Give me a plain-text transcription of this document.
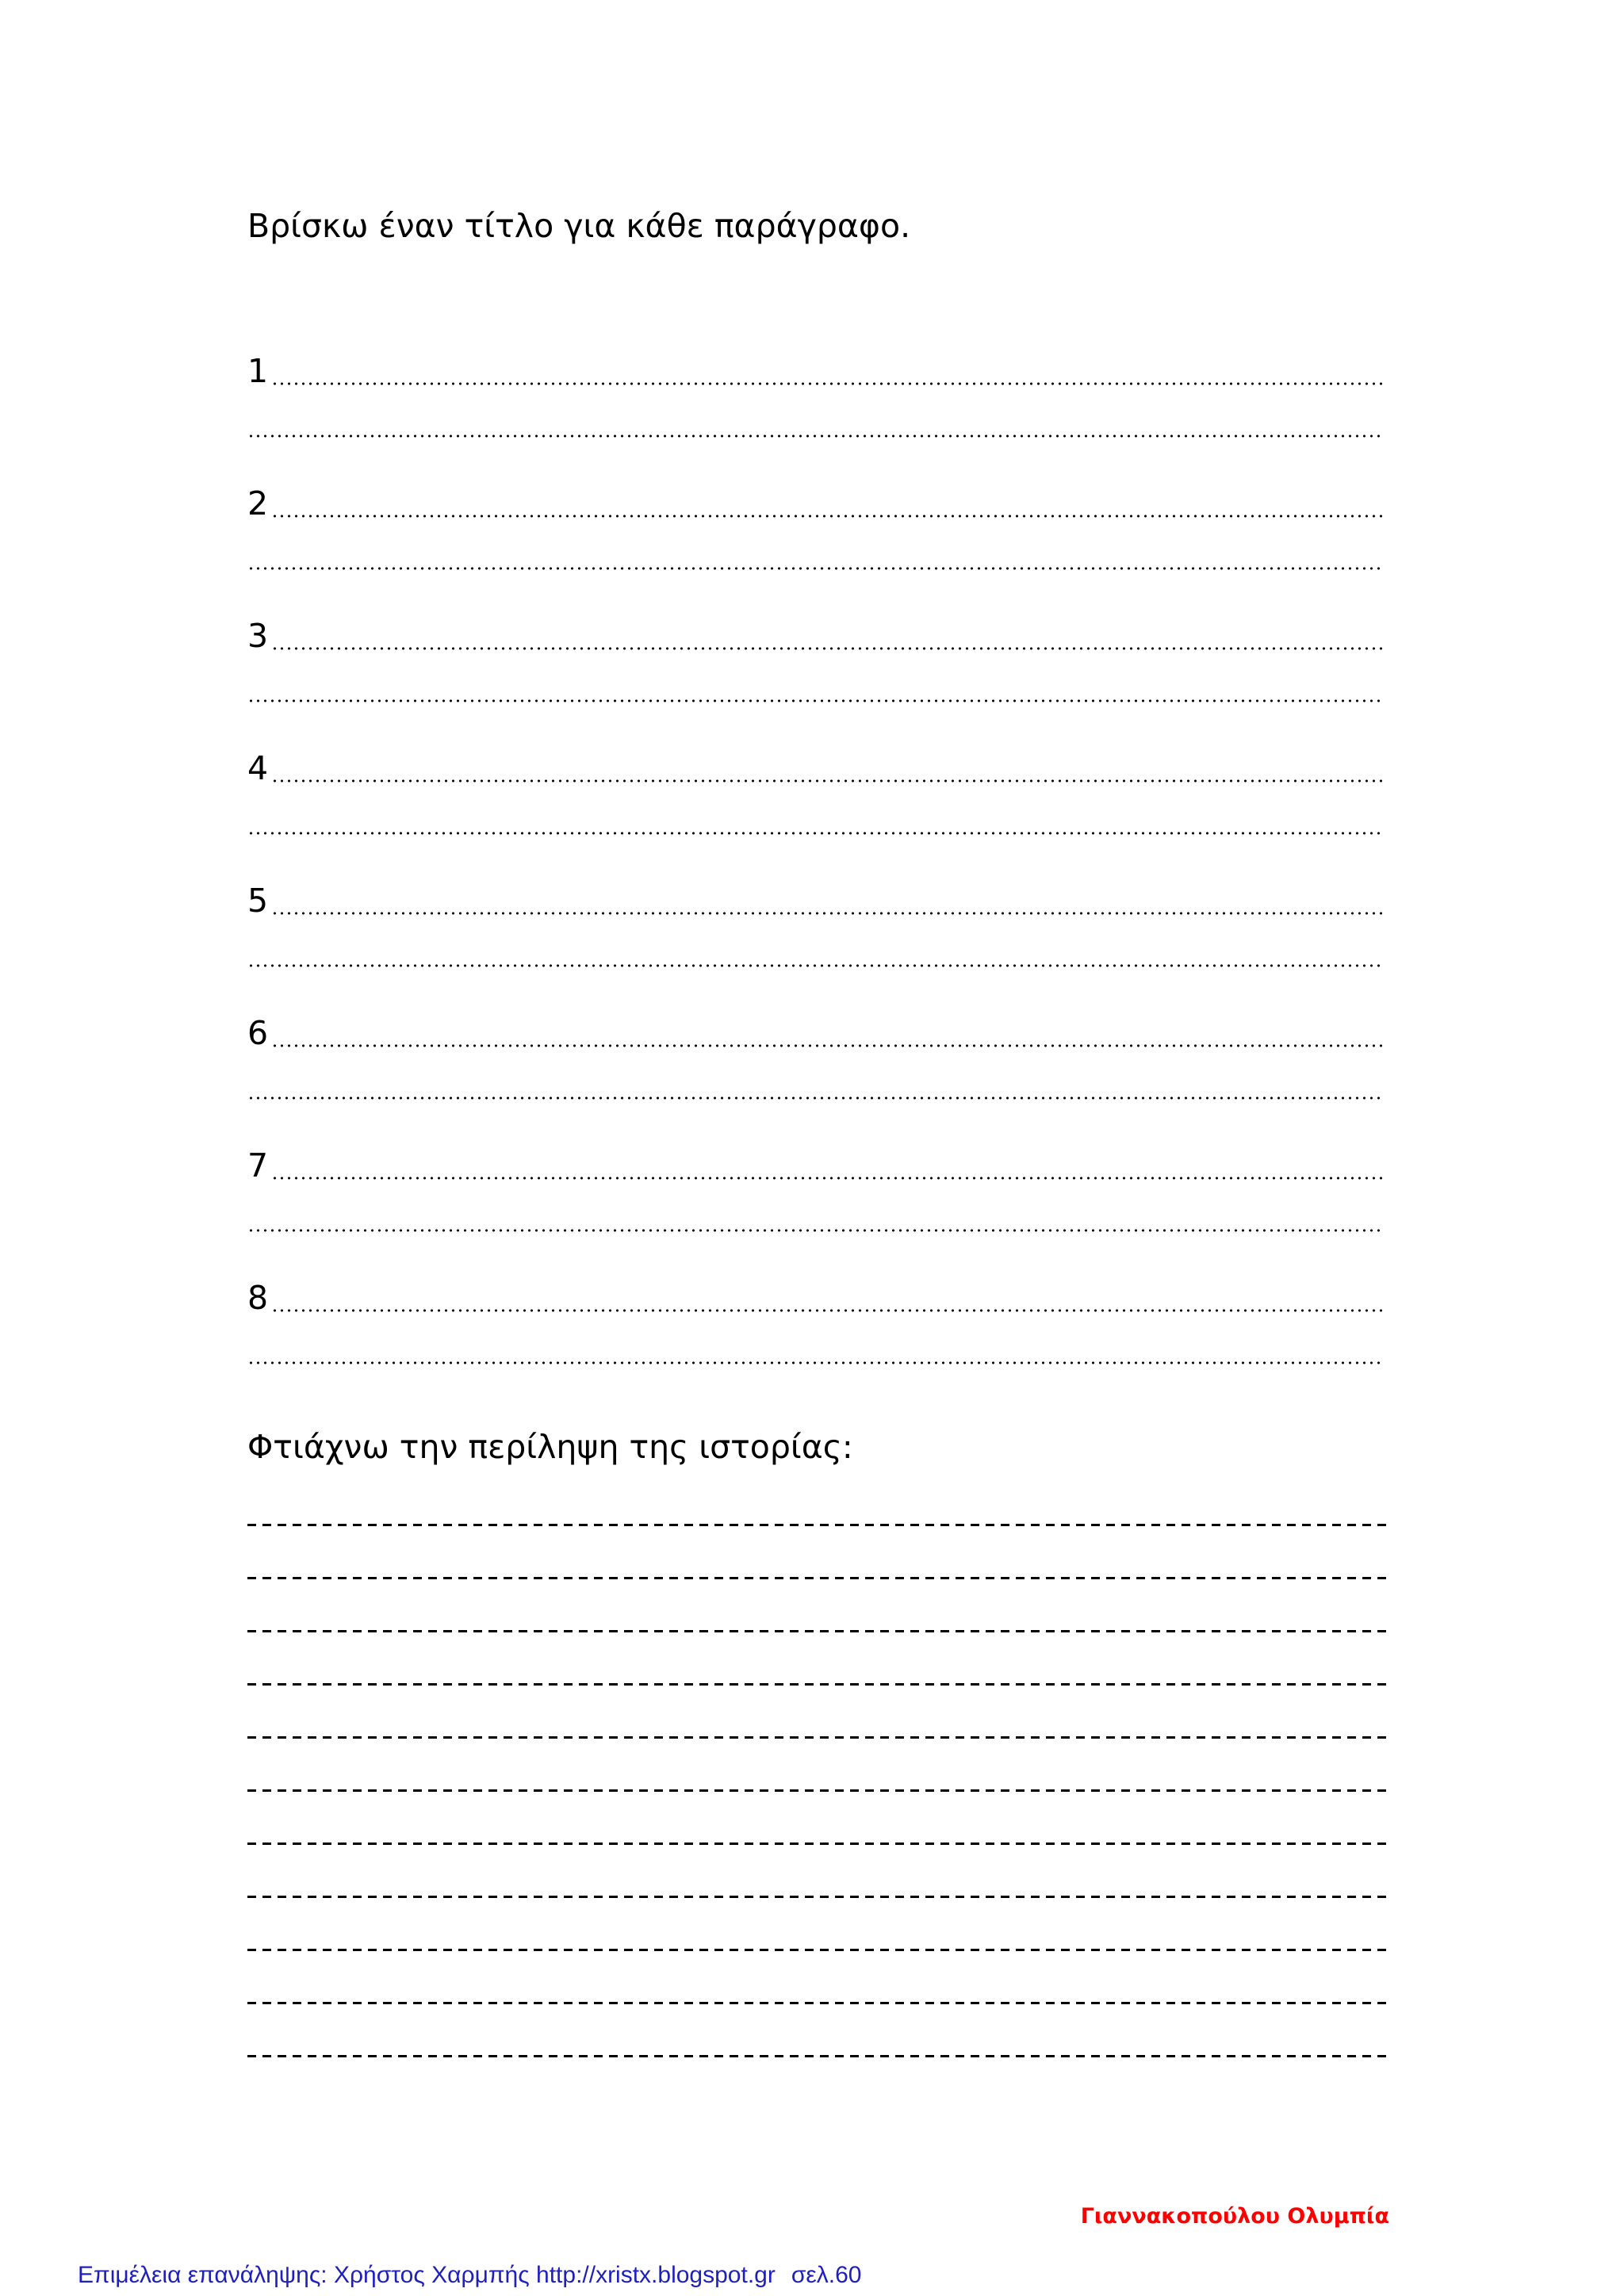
Βρίσκω έναν τίτλο για κάθε παράγραφο.
1
2
3
4
5
6
7
8
Φτιάχνω την περίληψη της ιστορίας:
Γιαννακοπούλου Ολυμπία
Επιμέλεια επανάληψης: Χρήστος Χαρμπής http://xristx.blogspot.gr σελ.60
